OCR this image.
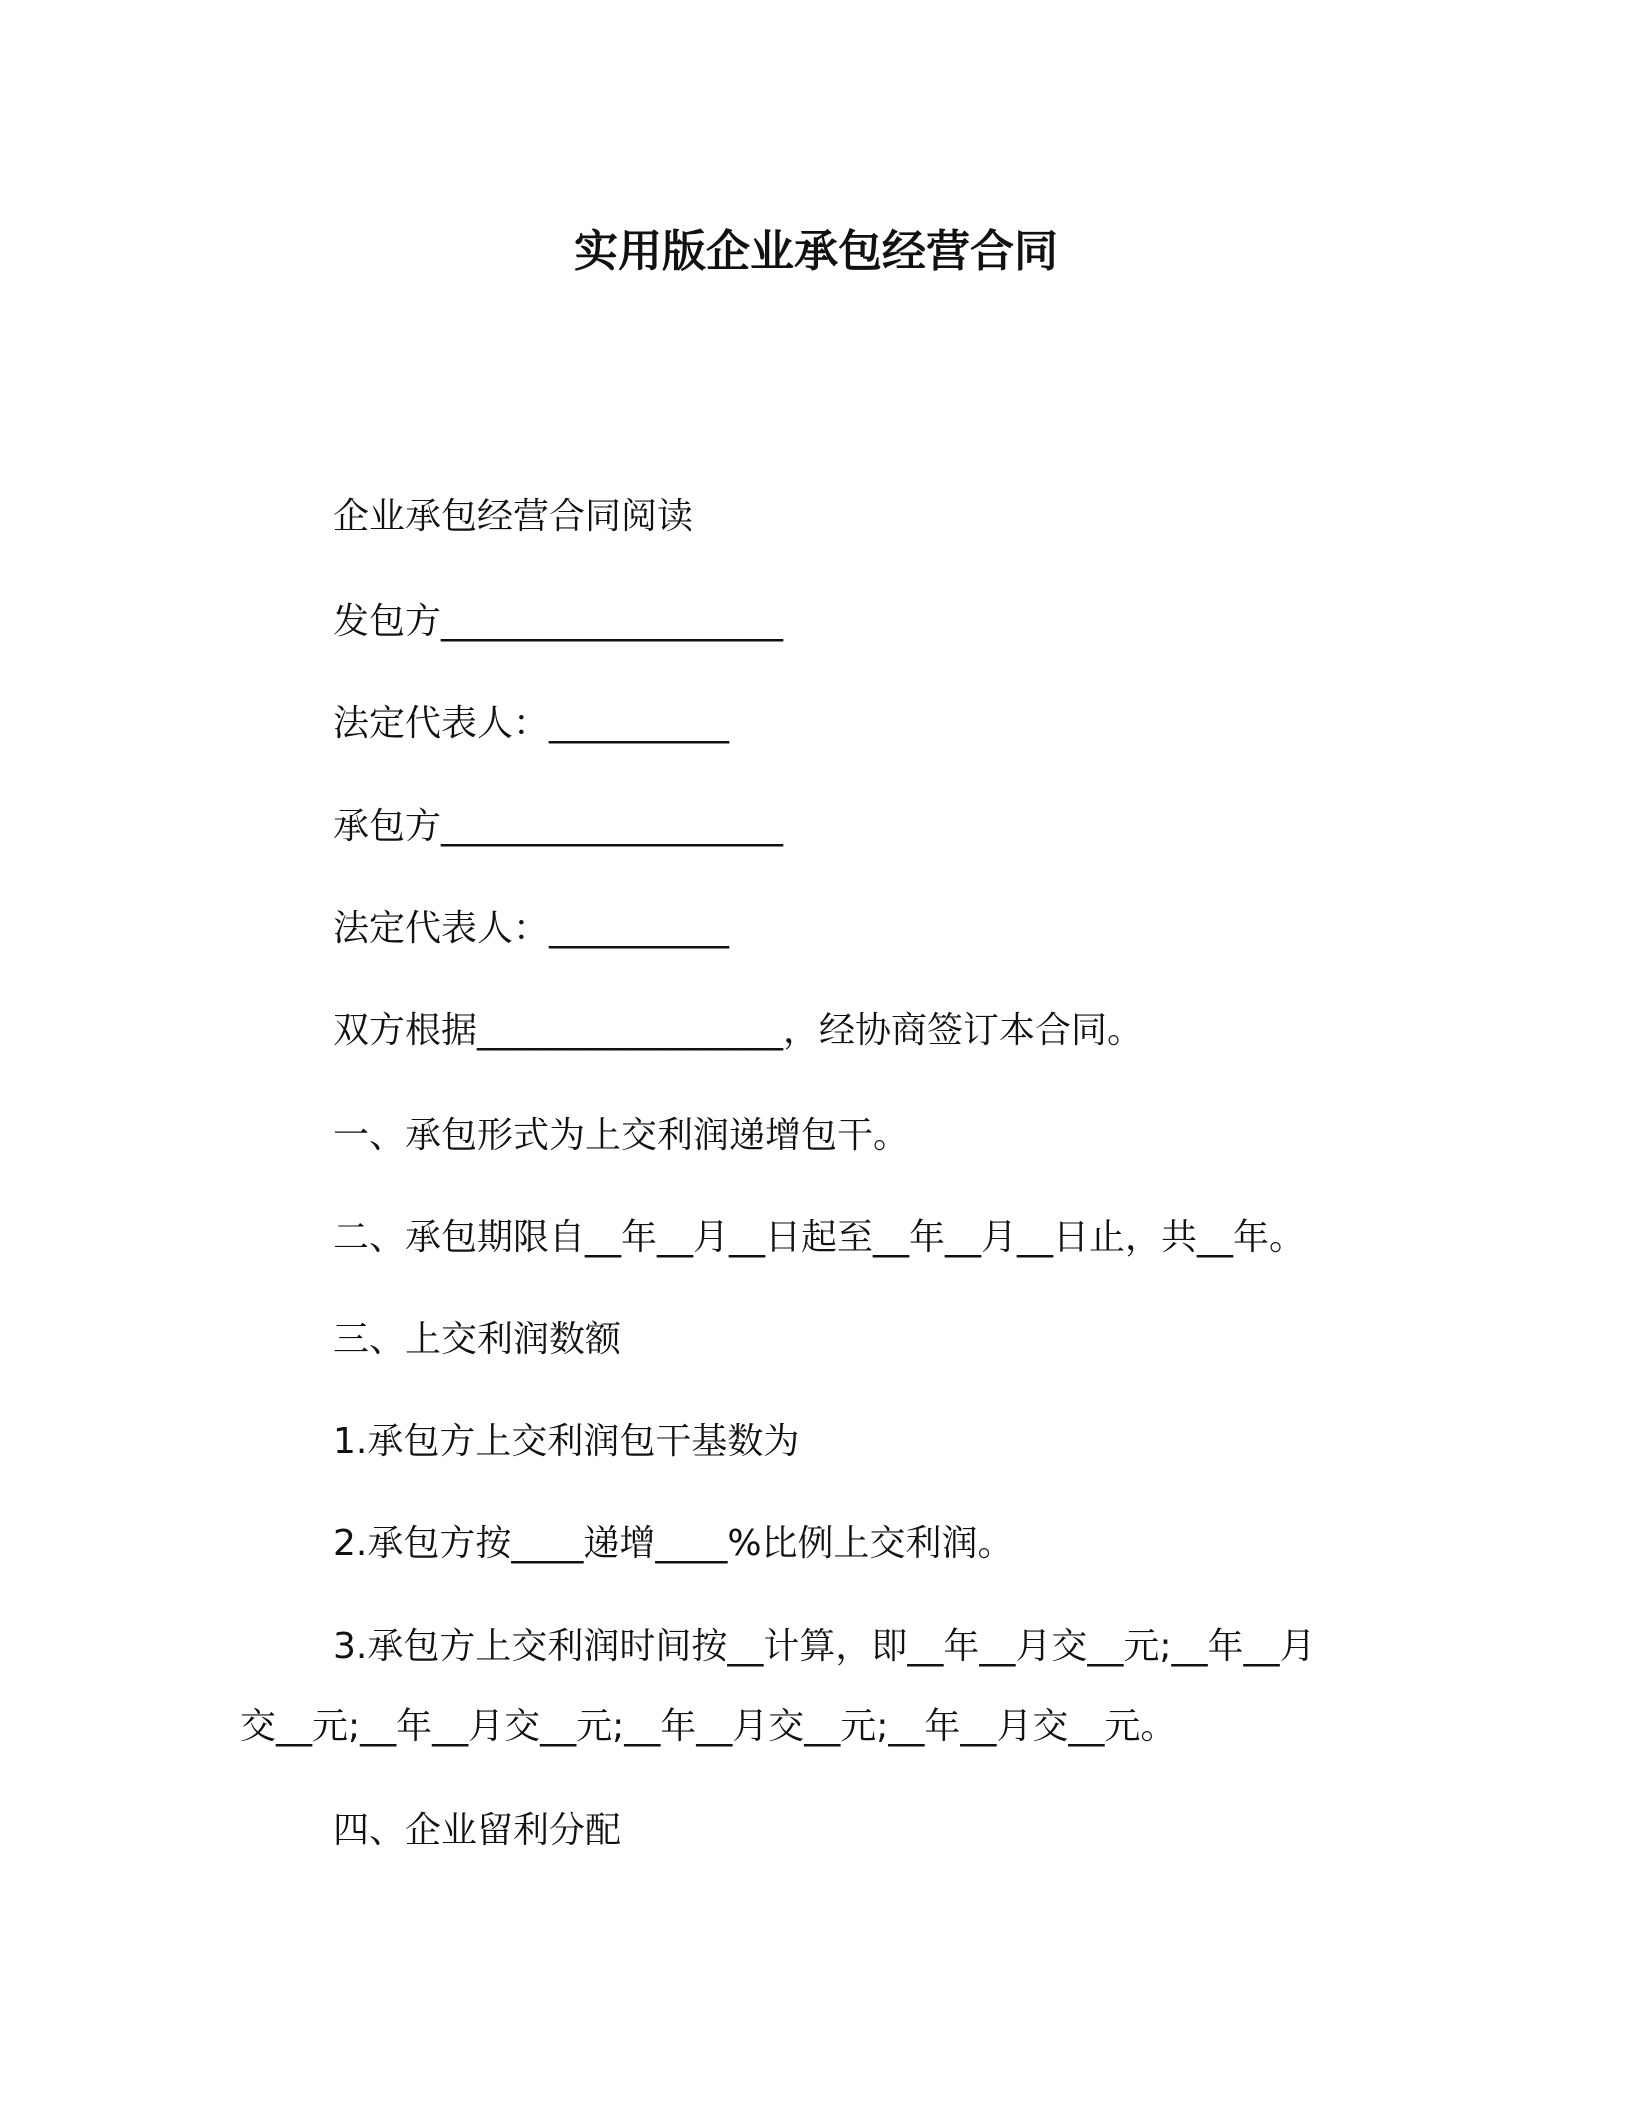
实用版企业承包经营合同
企业承包经营合同阅读
发包方___________________
法定代表人：__________
承包方___________________
法定代表人：__________
双方根据_________________，经协商签订本合同。
一、承包形式为上交利润递增包干。
二、承包期限自__年__月__日起至__年__月__日止，共__年。
三、上交利润数额
1.承包方上交利润包干基数为
2.承包方按____递增____%比例上交利润。
3.承包方上交利润时间按__计算，即__年__月交__元;__年__月
交__元;__年__月交__元;__年__月交__元;__年__月交__元。
四、企业留利分配
